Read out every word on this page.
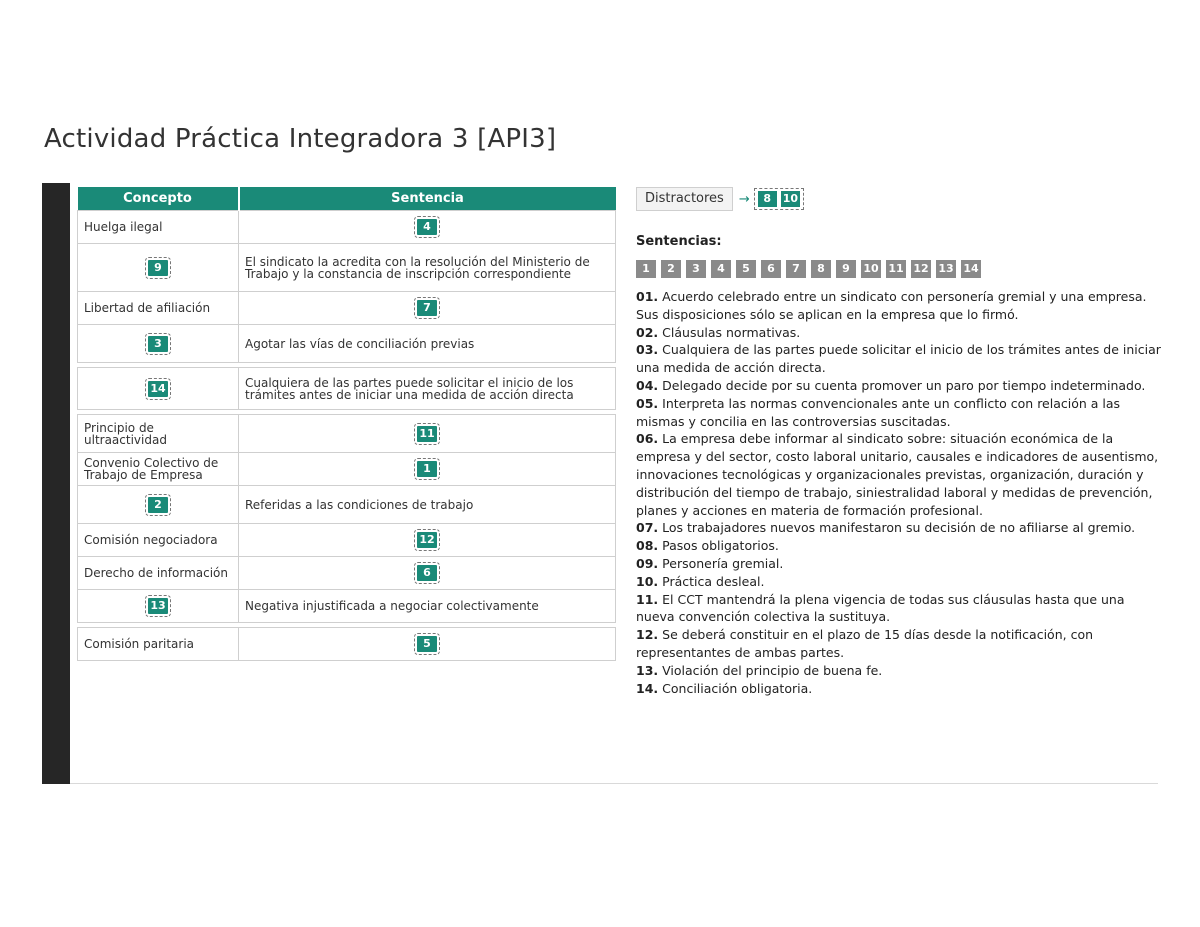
Actividad Práctica Integradora 3 [API3]
Concepto	Sentencia
Huelga ilegal	4
9	El sindicato la acredita con la resolución del Ministerio de Trabajo y la constancia de inscripción correspondiente
Libertad de afiliación	7
3	Agotar las vías de conciliación previas

14	Cualquiera de las partes puede solicitar el inicio de los trámites antes de iniciar una medida de acción directa

Principio de ultraactividad	11
Convenio Colectivo de Trabajo de Empresa	1
2	Referidas a las condiciones de trabajo
Comisión negociadora	12
Derecho de información	6
13	Negativa injustificada a negociar colectivamente

Comisión paritaria	5
Distractores	→	8	10
Sentencias:
1	2	3	4	5	6	7	8	9	10 11 12 13 14
01. Acuerdo celebrado entre un sindicato con personería gremial y una empresa. Sus disposiciones sólo se aplican en la empresa que lo firmó.
02. Cláusulas normativas.
03. Cualquiera de las partes puede solicitar el inicio de los trámites antes de iniciar una medida de acción directa.
04. Delegado decide por su cuenta promover un paro por tiempo indeterminado.
05. Interpreta las normas convencionales ante un conflicto con relación a las mismas y concilia en las controversias suscitadas.
06. La empresa debe informar al sindicato sobre: situación económica de la empresa y del sector, costo laboral unitario, causales e indicadores de ausentismo, innovaciones tecnológicas y organizacionales previstas, organización, duración y distribución del tiempo de trabajo, siniestralidad laboral y medidas de prevención, planes y acciones en materia de formación profesional.
07. Los trabajadores nuevos manifestaron su decisión de no afiliarse al gremio.
08. Pasos obligatorios.
09. Personería gremial.
10. Práctica desleal.
11. El CCT mantendrá la plena vigencia de todas sus cláusulas hasta que una nueva convención colectiva la sustituya.
12. Se deberá constituir en el plazo de 15 días desde la notificación, con representantes de ambas partes.
13. Violación del principio de buena fe.
14. Conciliación obligatoria.
